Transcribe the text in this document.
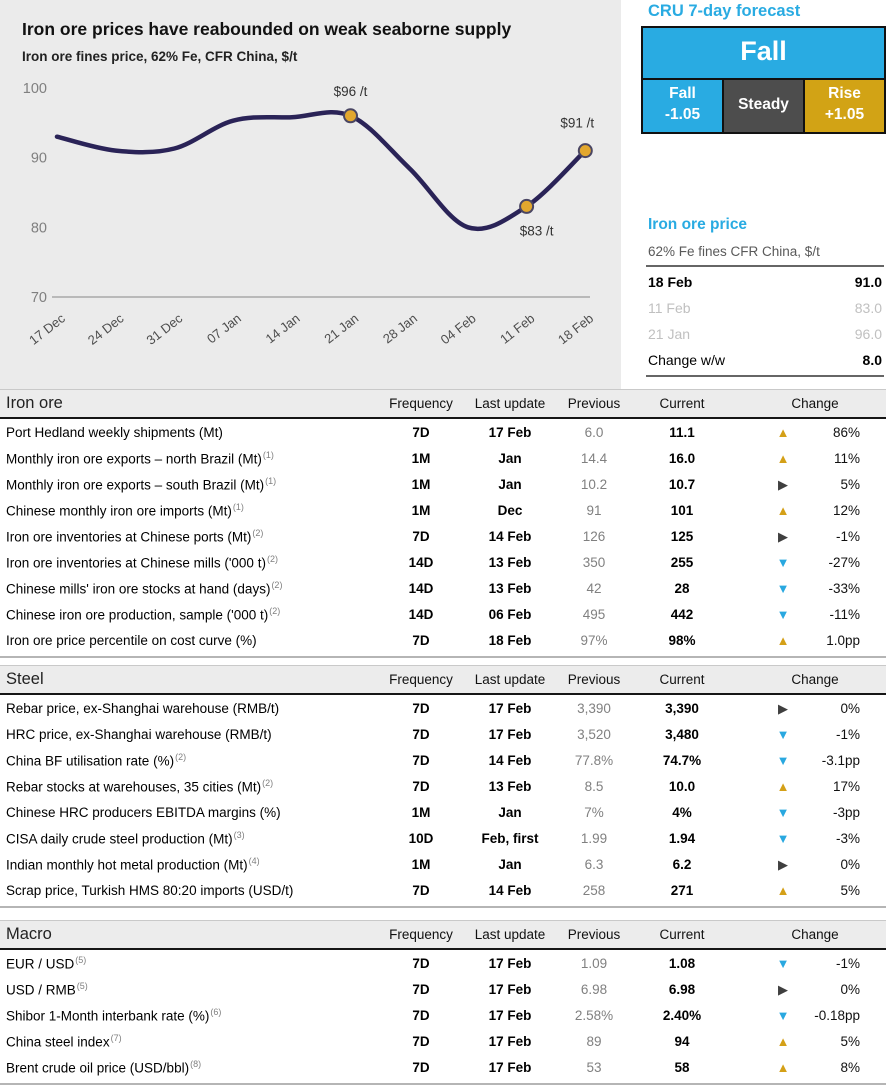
Iron ore prices have reabounded on weak seaborne supply
Iron ore fines price, 62% Fe, CFR China, $/t
100
90
80
70
17 Dec 24 Dec 31 Dec 07 Jan 14 Jan 21 Jan 28 Jan 04 Feb 11 Feb 18 Feb
$96 /t
$83 /t
$91 /t
CRU 7-day forecast
Fall
Fall
-1.05
Steady
Rise
+1.05
Iron ore price
62% Fe fines CFR China, $/t
18 Feb	91.0
11 Feb	83.0
21 Jan	96.0
Change w/w	8.0
Iron ore	Frequency	Last update	Previous	Current	Change
Port Hedland weekly shipments (Mt)	7D	17 Feb	6.0	11.1	▲	86%
Monthly iron ore exports – north Brazil $(Mt)^{(1)}$	1M	Jan	14.4	16.0	▲	11%
Monthly iron ore exports – south Brazil $(Mt)^{(1)}$	1M	Jan	10.2	10.7	▶	5%
Chinese monthly iron ore imports $(Mt)^{(1)}$	1M	Dec	91	101	▲	12%
Iron ore inventories at Chinese ports $(Mt)^{(2)}$	7D	14 Feb	126	125	▶	-1%
Iron ore inventories at Chinese mills ('000 t)$^{(2)}$	14D	13 Feb	350	255	▼	-27%
Chinese mills' iron ore stocks at hand (days)$^{(2)}$	14D	13 Feb	42	28	▼	-33%
Chinese iron ore production, sample ('000 t)$^{(2)}$	14D	06 Feb	495	442	▼	-11%
Iron ore price percentile on cost curve (%)	7D	18 Feb	97%	98%	▲	1.0pp
Steel	Frequency	Last update	Previous	Current	Change
Rebar price, ex-Shanghai warehouse (RMB/t)	7D	17 Feb	3,390	3,390	▶	0%
HRC price, ex-Shanghai warehouse (RMB/t)	7D	17 Feb	3,520	3,480	▼	-1%
China BF utilisation rate (%)$^{(2)}$	7D	14 Feb	77.8%	74.7%	▼	-3.1pp
Rebar stocks at warehouses, 35 cities $(Mt)^{(2)}$	7D	13 Feb	8.5	10.0	▲	17%
Chinese HRC producers EBITDA margins (%)	1M	Jan	7%	4%	▼	-3pp
CISA daily crude steel production $(Mt)^{(3)}$	10D	Feb, first	1.99	1.94	▼	-3%
Indian monthly hot metal production $(Mt)^{(4)}$	1M	Jan	6.3	6.2	▶	0%
Scrap price, Turkish HMS 80:20 imports (USD/t)	7D	14 Feb	258	271	▲	5%
Macro	Frequency	Last update	Previous	Current	Change
EUR / USD$^{(5)}$	7D	17 Feb	1.09	1.08	▼	-1%
USD / RMB$^{(5)}$	7D	17 Feb	6.98	6.98	▶	0%
Shibor 1-Month interbank rate (%)$^{(6)}$	7D	17 Feb	2.58%	2.40%	▼	-0.18pp
China steel index$^{(7)}$	7D	17 Feb	89	94	▲	5%
Brent crude oil price $(USD/bbl)^{(8)}$	7D	17 Feb	53	58	▲	8%
